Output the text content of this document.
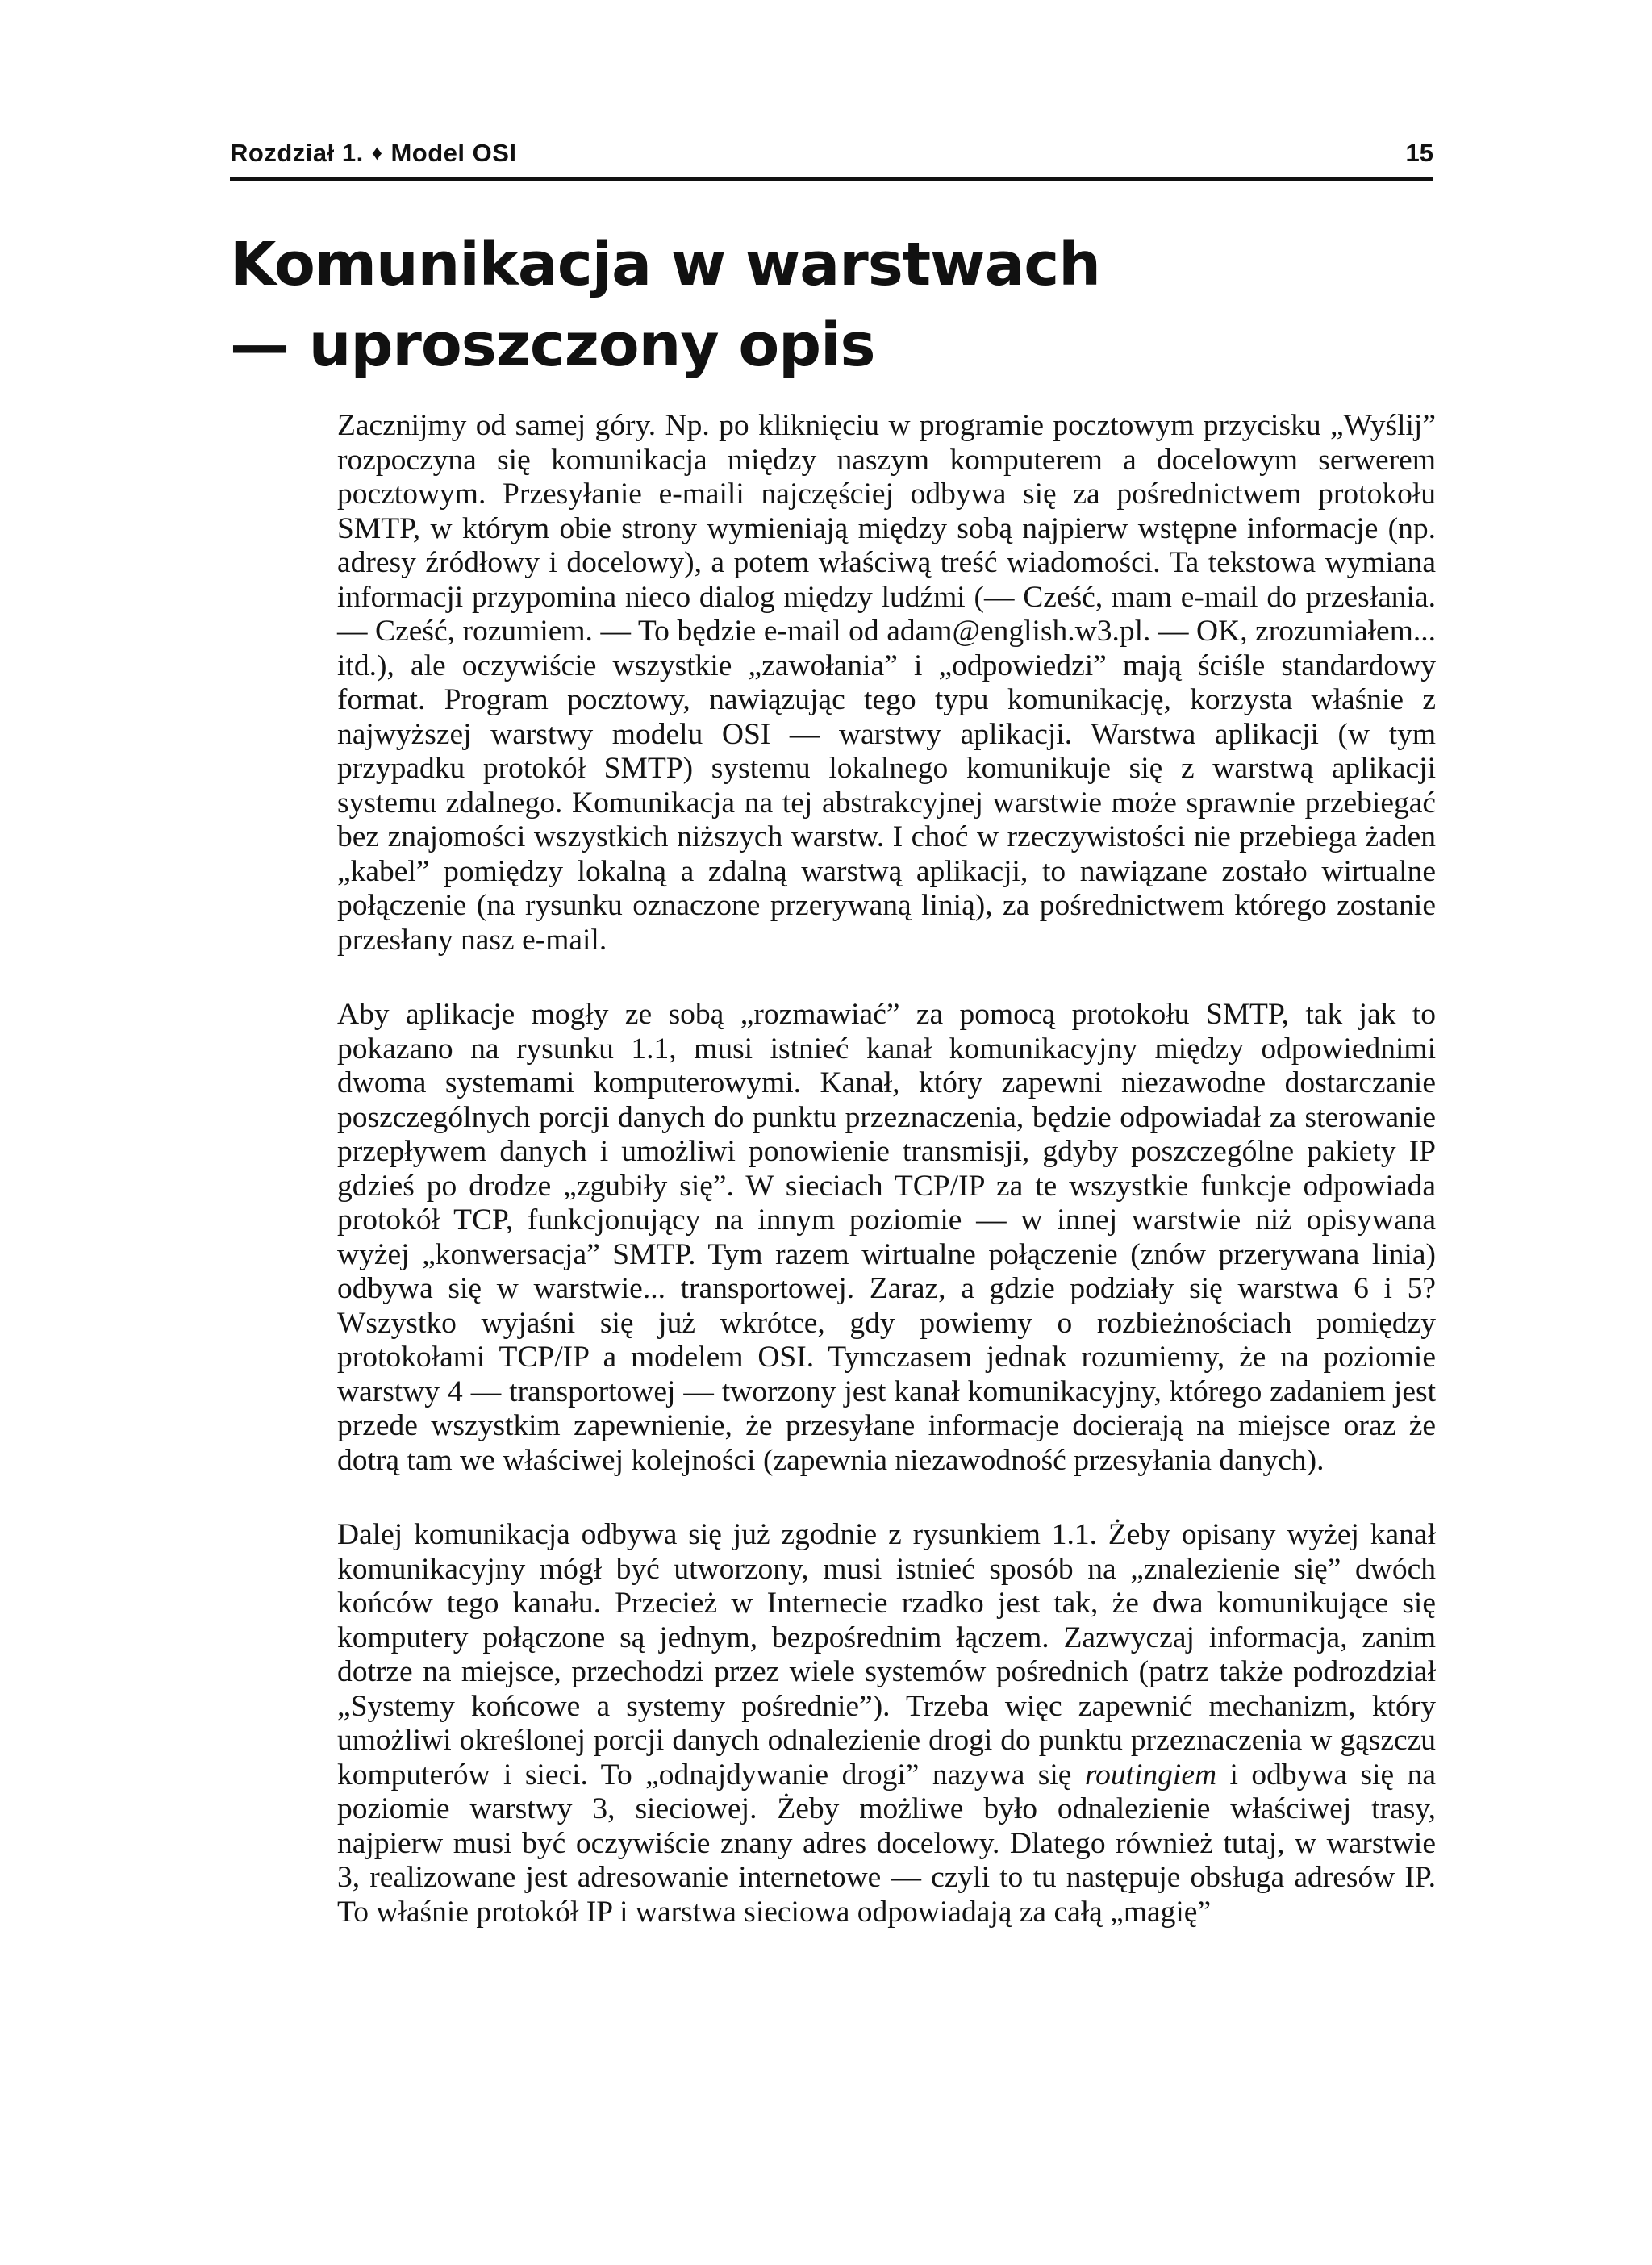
Rozdział 1. ♦ Model OSI	15
Komunikacja w warstwach
— uproszczony opis

Zacznijmy od samej góry. Np. po kliknięciu w programie pocztowym przycisku „Wyślij” rozpoczyna się komunikacja między naszym komputerem a docelowym serwerem pocztowym. Przesyłanie e-maili najczęściej odbywa się za pośrednictwem protokołu SMTP, w którym obie strony wymieniają między sobą najpierw wstępne informacje (np. adresy źródłowy i docelowy), a potem właściwą treść wiadomości. Ta tekstowa wymiana informacji przypomina nieco dialog między ludźmi (— Cześć, mam e-mail do przesłania. — Cześć, rozumiem. — To będzie e-mail od adam@english.w3.pl. — OK, zrozumiałem... itd.), ale oczywiście wszystkie „zawołania” i „odpowiedzi” mają ściśle standardowy format. Program pocztowy, nawiązując tego typu komunikację, korzysta właśnie z najwyższej warstwy modelu OSI — warstwy aplikacji. Warstwa aplikacji (w tym przypadku protokół SMTP) systemu lokalnego komunikuje się z warstwą aplikacji systemu zdalnego. Komunikacja na tej abstrakcyjnej warstwie może sprawnie przebiegać bez znajomości wszystkich niższych warstw. I choć w rzeczywistości nie przebiega żaden „kabel” pomiędzy lokalną a zdalną warstwą aplikacji, to nawiązane zostało wirtualne połączenie (na rysunku oznaczone przerywaną linią), za pośrednictwem którego zostanie przesłany nasz e-mail.

Aby aplikacje mogły ze sobą „rozmawiać” za pomocą protokołu SMTP, tak jak to pokazano na rysunku 1.1, musi istnieć kanał komunikacyjny między odpowiednimi dwoma systemami komputerowymi. Kanał, który zapewni niezawodne dostarczanie poszczególnych porcji danych do punktu przeznaczenia, będzie odpowiadał za sterowanie przepływem danych i umożliwi ponowienie transmisji, gdyby poszczególne pakiety IP gdzieś po drodze „zgubiły się”. W sieciach TCP/IP za te wszystkie funkcje odpowiada protokół TCP, funkcjonujący na innym poziomie — w innej warstwie niż opisywana wyżej „konwersacja” SMTP. Tym razem wirtualne połączenie (znów przerywana linia) odbywa się w warstwie... transportowej. Zaraz, a gdzie podziały się warstwa 6 i 5? Wszystko wyjaśni się już wkrótce, gdy powiemy o rozbieżnościach pomiędzy protokołami TCP/IP a modelem OSI. Tymczasem jednak rozumiemy, że na poziomie warstwy 4 — transportowej — tworzony jest kanał komunikacyjny, którego zadaniem jest przede wszystkim zapewnienie, że przesyłane informacje docierają na miejsce oraz że dotrą tam we właściwej kolejności (zapewnia niezawodność przesyłania danych).

Dalej komunikacja odbywa się już zgodnie z rysunkiem 1.1. Żeby opisany wyżej kanał komunikacyjny mógł być utworzony, musi istnieć sposób na „znalezienie się” dwóch końców tego kanału. Przecież w Internecie rzadko jest tak, że dwa komunikujące się komputery połączone są jednym, bezpośrednim łączem. Zazwyczaj informacja, zanim dotrze na miejsce, przechodzi przez wiele systemów pośrednich (patrz także podrozdział „Systemy końcowe a systemy pośrednie”). Trzeba więc zapewnić mechanizm, który umożliwi określonej porcji danych odnalezienie drogi do punktu przeznaczenia w gąszczu komputerów i sieci. To „odnajdywanie drogi” nazywa się routingiem i odbywa się na poziomie warstwy 3, sieciowej. Żeby możliwe było odnalezienie właściwej trasy, najpierw musi być oczywiście znany adres docelowy. Dlatego również tutaj, w warstwie 3, realizowane jest adresowanie internetowe — czyli to tu następuje obsługa adresów IP. To właśnie protokół IP i warstwa sieciowa odpowiadają za całą „magię”
